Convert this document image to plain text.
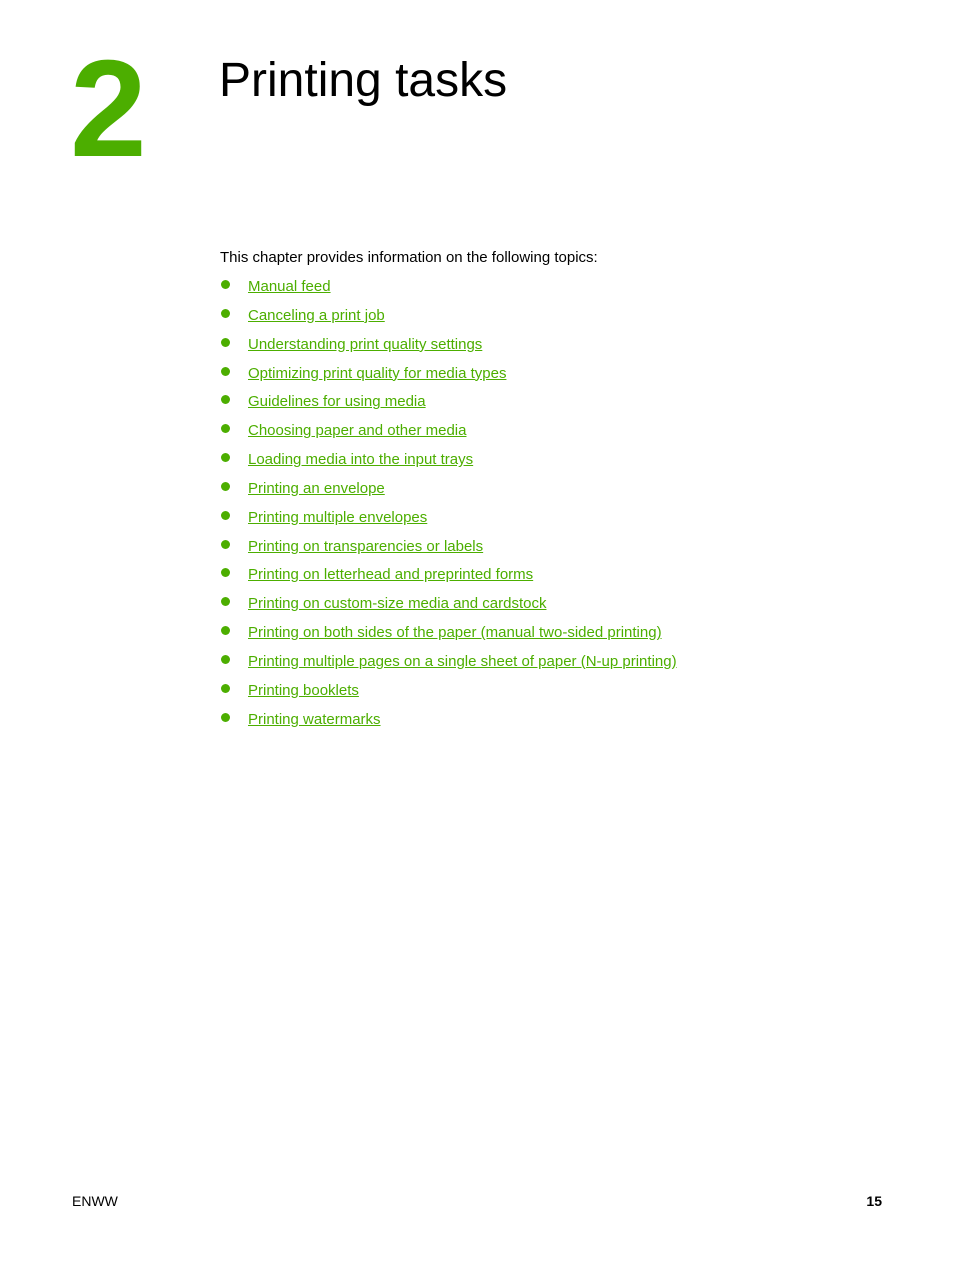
2 Printing tasks

This chapter provides information on the following topics:

Manual feed
Canceling a print job
Understanding print quality settings
Optimizing print quality for media types
Guidelines for using media
Choosing paper and other media
Loading media into the input trays
Printing an envelope
Printing multiple envelopes
Printing on transparencies or labels
Printing on letterhead and preprinted forms
Printing on custom-size media and cardstock
Printing on both sides of the paper (manual two-sided printing)
Printing multiple pages on a single sheet of paper (N-up printing)
Printing booklets
Printing watermarks
ENWW	15
